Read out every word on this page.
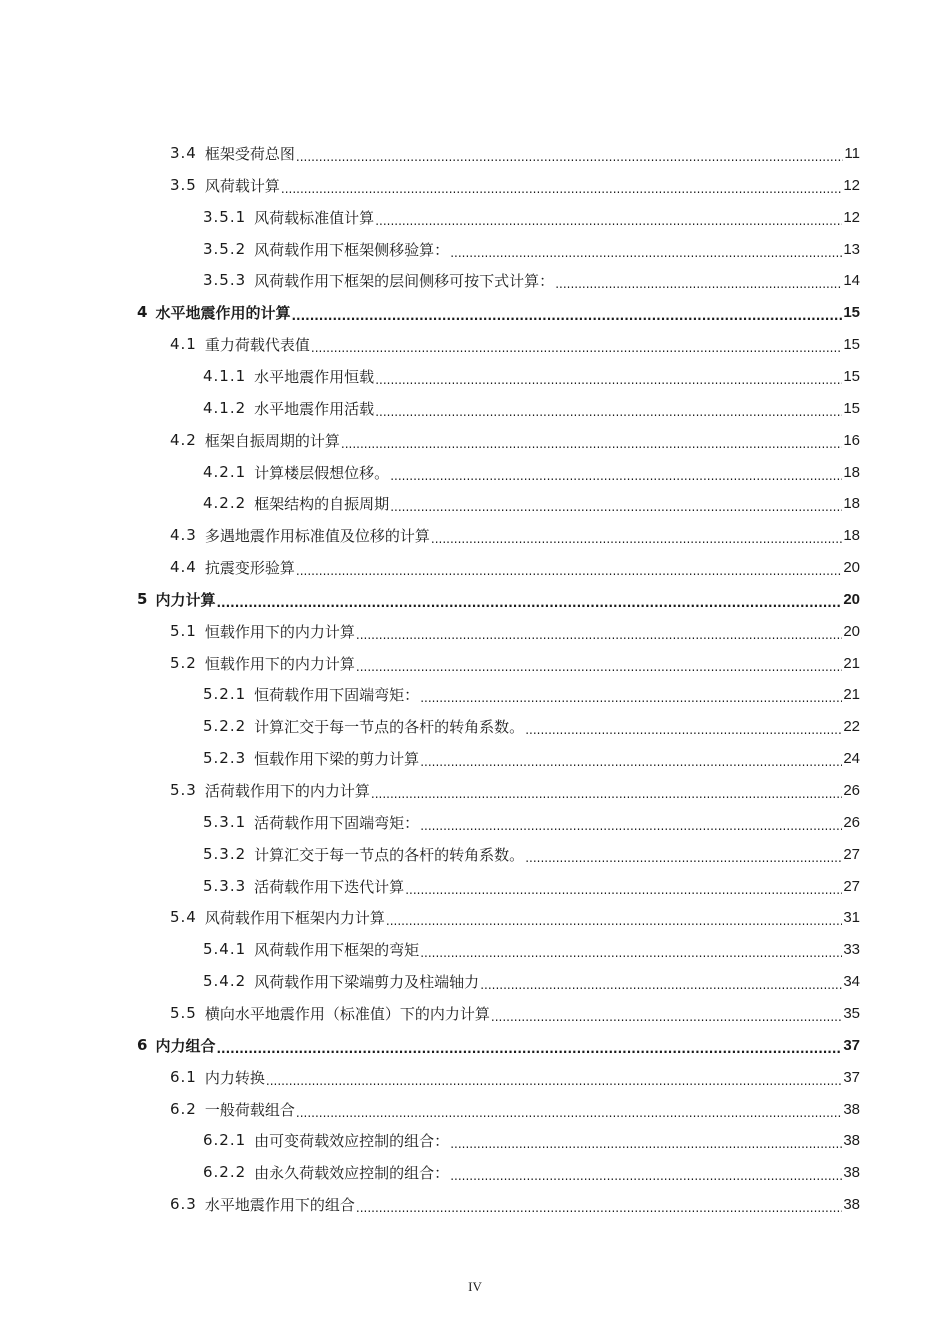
3.4 框架受荷总图 .....	11
3.5 风荷载计算 .....	12
3.5.1 风荷载标准值计算 .....	12
3.5.2 风荷载作用下框架侧移验算： .....	13
3.5.3 风荷载作用下框架的层间侧移可按下式计算： .....	14
4 水平地震作用的计算 .....	15
4.1 重力荷载代表值 .....	15
4.1.1 水平地震作用恒载 .....	15
4.1.2 水平地震作用活载 .....	15
4.2 框架自振周期的计算 .....	16
4.2.1 计算楼层假想位移。 .....	18
4.2.2 框架结构的自振周期 .....	18
4.3 多遇地震作用标准值及位移的计算 .....	18
4.4 抗震变形验算 .....	20
5 内力计算 .....	20
5.1 恒载作用下的内力计算 .....	20
5.2 恒载作用下的内力计算 .....	21
5.2.1 恒荷载作用下固端弯矩： .....	21
5.2.2 计算汇交于每一节点的各杆的转角系数。 .....	22
5.2.3 恒载作用下梁的剪力计算 .....	24
5.3 活荷载作用下的内力计算 .....	26
5.3.1 活荷载作用下固端弯矩： .....	26
5.3.2 计算汇交于每一节点的各杆的转角系数。 .....	27
5.3.3 活荷载作用下迭代计算 .....	27
5.4 风荷载作用下框架内力计算 .....	31
5.4.1 风荷载作用下框架的弯矩 .....	33
5.4.2 风荷载作用下梁端剪力及柱端轴力 .....	34
5.5 横向水平地震作用（标准值）下的内力计算 .....	35
6 内力组合 .....	37
6.1 内力转换 .....	37
6.2 一般荷载组合 .....	38
6.2.1 由可变荷载效应控制的组合： .....	38
6.2.2 由永久荷载效应控制的组合： .....	38
6.3 水平地震作用下的组合 .....	38
IV
